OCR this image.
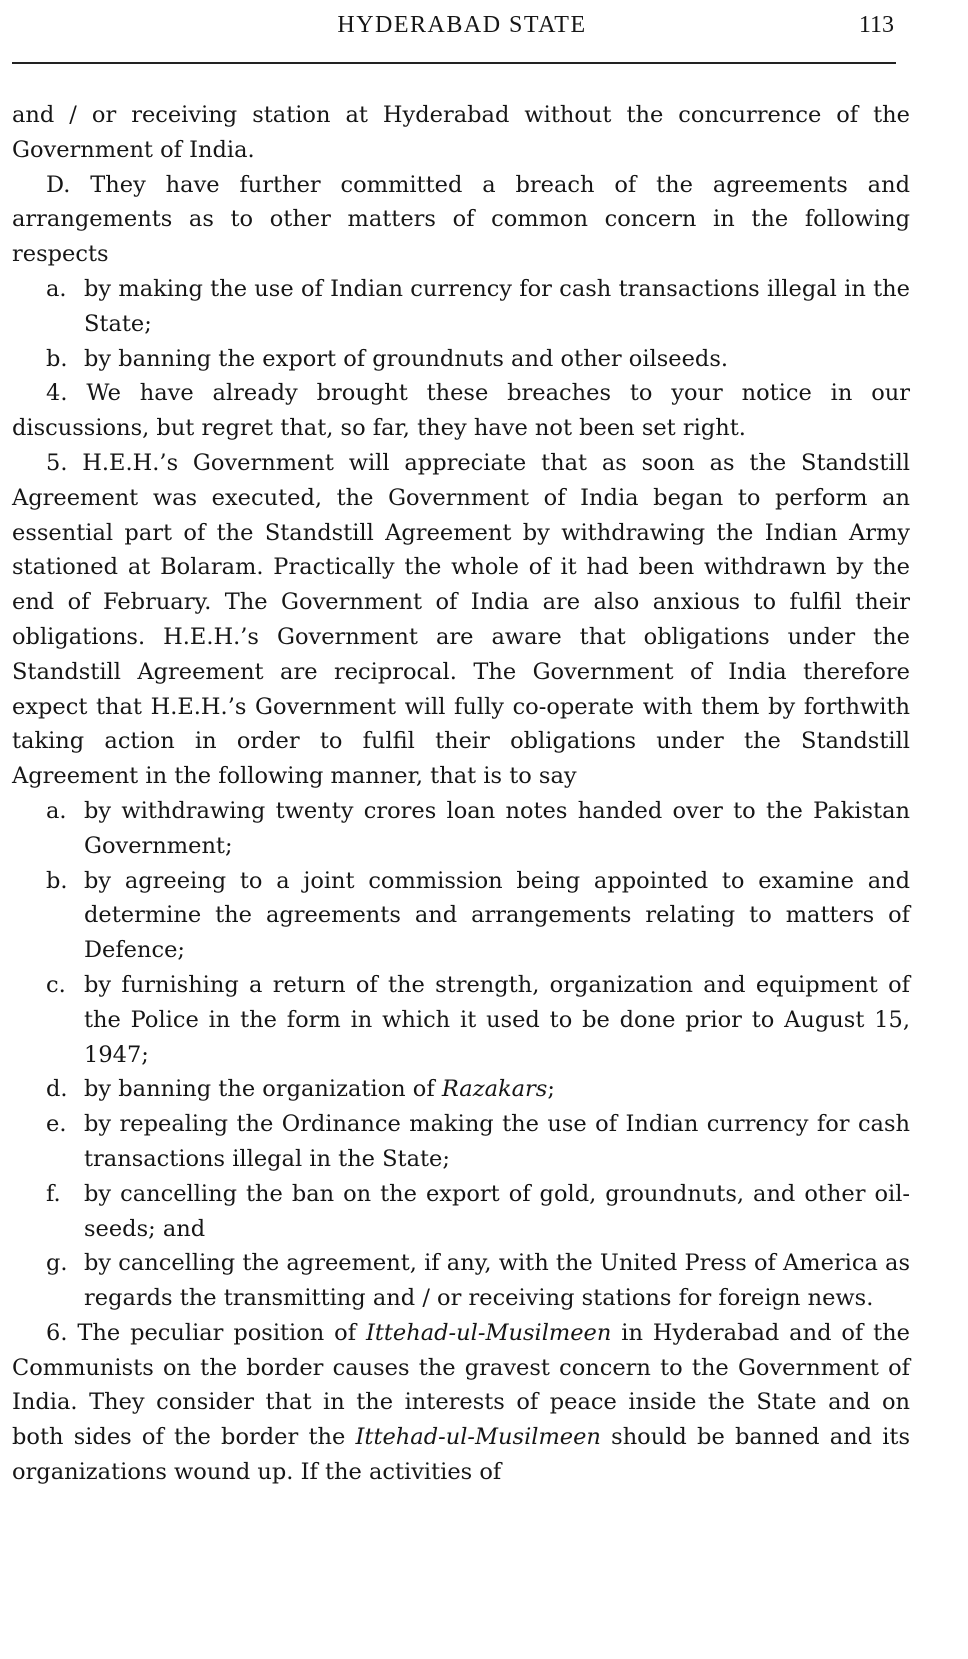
HYDERABAD STATE	113

and / or receiving station at Hyderabad without the concurrence of the Government of India.

D. They have further committed a breach of the agreements and arrangements as to other matters of common concern in the following respects

a. by making the use of Indian currency for cash transactions illegal in the State;

b. by banning the export of groundnuts and other oilseeds.

4. We have already brought these breaches to your notice in our discussions, but regret that, so far, they have not been set right.

5. H.E.H.’s Government will appreciate that as soon as the Standstill Agreement was executed, the Government of India began to perform an essential part of the Standstill Agreement by withdrawing the Indian Army stationed at Bolaram. Practically the whole of it had been withdrawn by the end of February. The Government of India are also anxious to fulfil their obligations. H.E.H.’s Government are aware that obligations under the Standstill Agreement are reciprocal. The Government of India therefore expect that H.E.H.’s Government will fully co-operate with them by forthwith taking action in order to fulfil their obligations under the Standstill Agreement in the following manner, that is to say

a. by withdrawing twenty crores loan notes handed over to the Pakistan Government;

b. by agreeing to a joint commission being appointed to examine and determine the agreements and arrangements relating to matters of Defence;

c. by furnishing a return of the strength, organization and equipment of the Police in the form in which it used to be done prior to August 15, 1947;

d. by banning the organization of Razakars;

e. by repealing the Ordinance making the use of Indian currency for cash transactions illegal in the State;

f. by cancelling the ban on the export of gold, groundnuts, and other oil-seeds; and

g. by cancelling the agreement, if any, with the United Press of America as regards the transmitting and / or receiving stations for foreign news.

6. The peculiar position of Ittehad-ul-Musilmeen in Hyderabad and of the Communists on the border causes the gravest concern to the Government of India. They consider that in the interests of peace inside the State and on both sides of the border the Ittehad-ul-Musilmeen should be banned and its organizations wound up. If the activities of
